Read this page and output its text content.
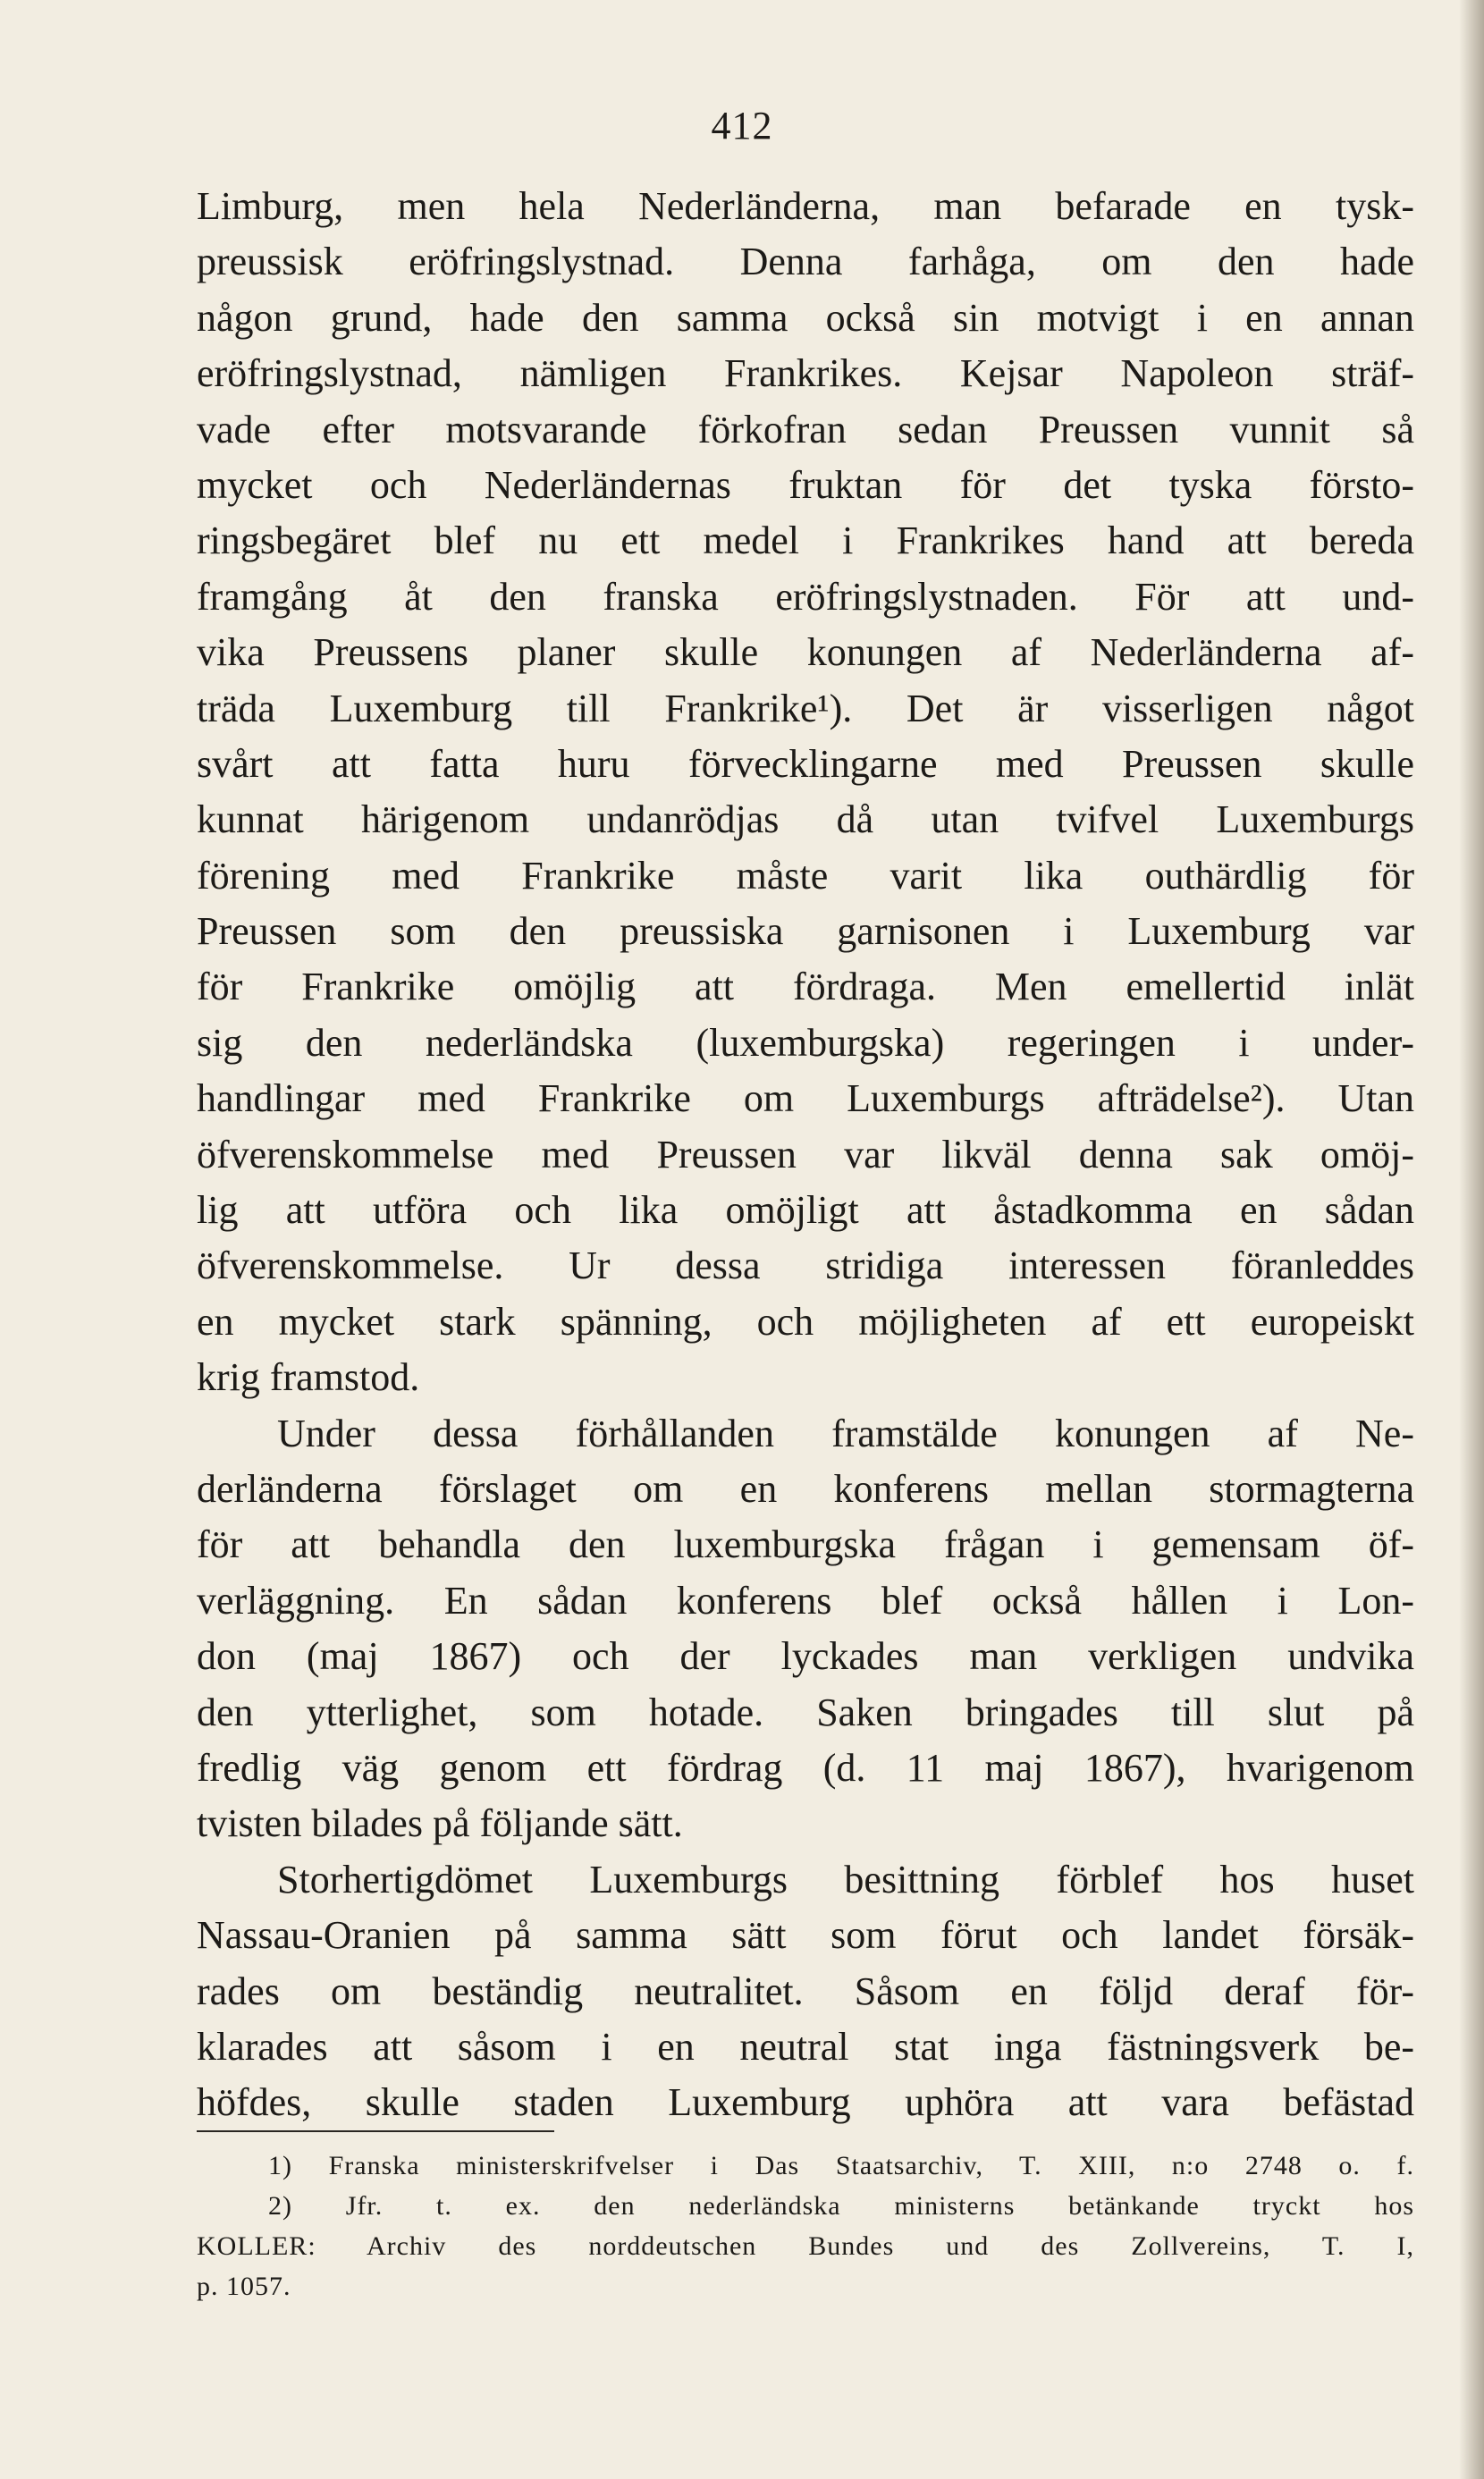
412
Limburg, men hela Nederländerna, man befarade en tysk-
preussisk eröfringslystnad. Denna farhåga, om den hade
någon grund, hade den samma också sin motvigt i en annan
eröfringslystnad, nämligen Frankrikes. Kejsar Napoleon sträf-
vade efter motsvarande förkofran sedan Preussen vunnit så
mycket och Nederländernas fruktan för det tyska försto-
ringsbegäret blef nu ett medel i Frankrikes hand att bereda
framgång åt den franska eröfringslystnaden. För att und-
vika Preussens planer skulle konungen af Nederländerna af-
träda Luxemburg till Frankrike¹). Det är visserligen något
svårt att fatta huru förvecklingarne med Preussen skulle
kunnat härigenom undanrödjas då utan tvifvel Luxemburgs
förening med Frankrike måste varit lika outhärdlig för
Preussen som den preussiska garnisonen i Luxemburg var
för Frankrike omöjlig att fördraga. Men emellertid inlät
sig den nederländska (luxemburgska) regeringen i under-
handlingar med Frankrike om Luxemburgs afträdelse²). Utan
öfverenskommelse med Preussen var likväl denna sak omöj-
lig att utföra och lika omöjligt att åstadkomma en sådan
öfverenskommelse. Ur dessa stridiga interessen föranleddes
en mycket stark spänning, och möjligheten af ett europeiskt
krig framstod.
Under dessa förhållanden framstälde konungen af Ne-
derländerna förslaget om en konferens mellan stormagterna
för att behandla den luxemburgska frågan i gemensam öf-
verläggning. En sådan konferens blef också hållen i Lon-
don (maj 1867) och der lyckades man verkligen undvika
den ytterlighet, som hotade. Saken bringades till slut på
fredlig väg genom ett fördrag (d. 11 maj 1867), hvarigenom
tvisten bilades på följande sätt.
Storhertigdömet Luxemburgs besittning förblef hos huset
Nassau-Oranien på samma sätt som förut och landet försäk-
rades om beständig neutralitet. Såsom en följd deraf för-
klarades att såsom i en neutral stat inga fästningsverk be-
höfdes, skulle staden Luxemburg uphöra att vara befästad
1) Franska ministerskrifvelser i Das Staatsarchiv, T. XIII, n:o 2748 o. f.
2) Jfr. t. ex. den nederländska ministerns betänkande tryckt hos
KOLLER: Archiv des norddeutschen Bundes und des Zollvereins, T. I,
p. 1057.
